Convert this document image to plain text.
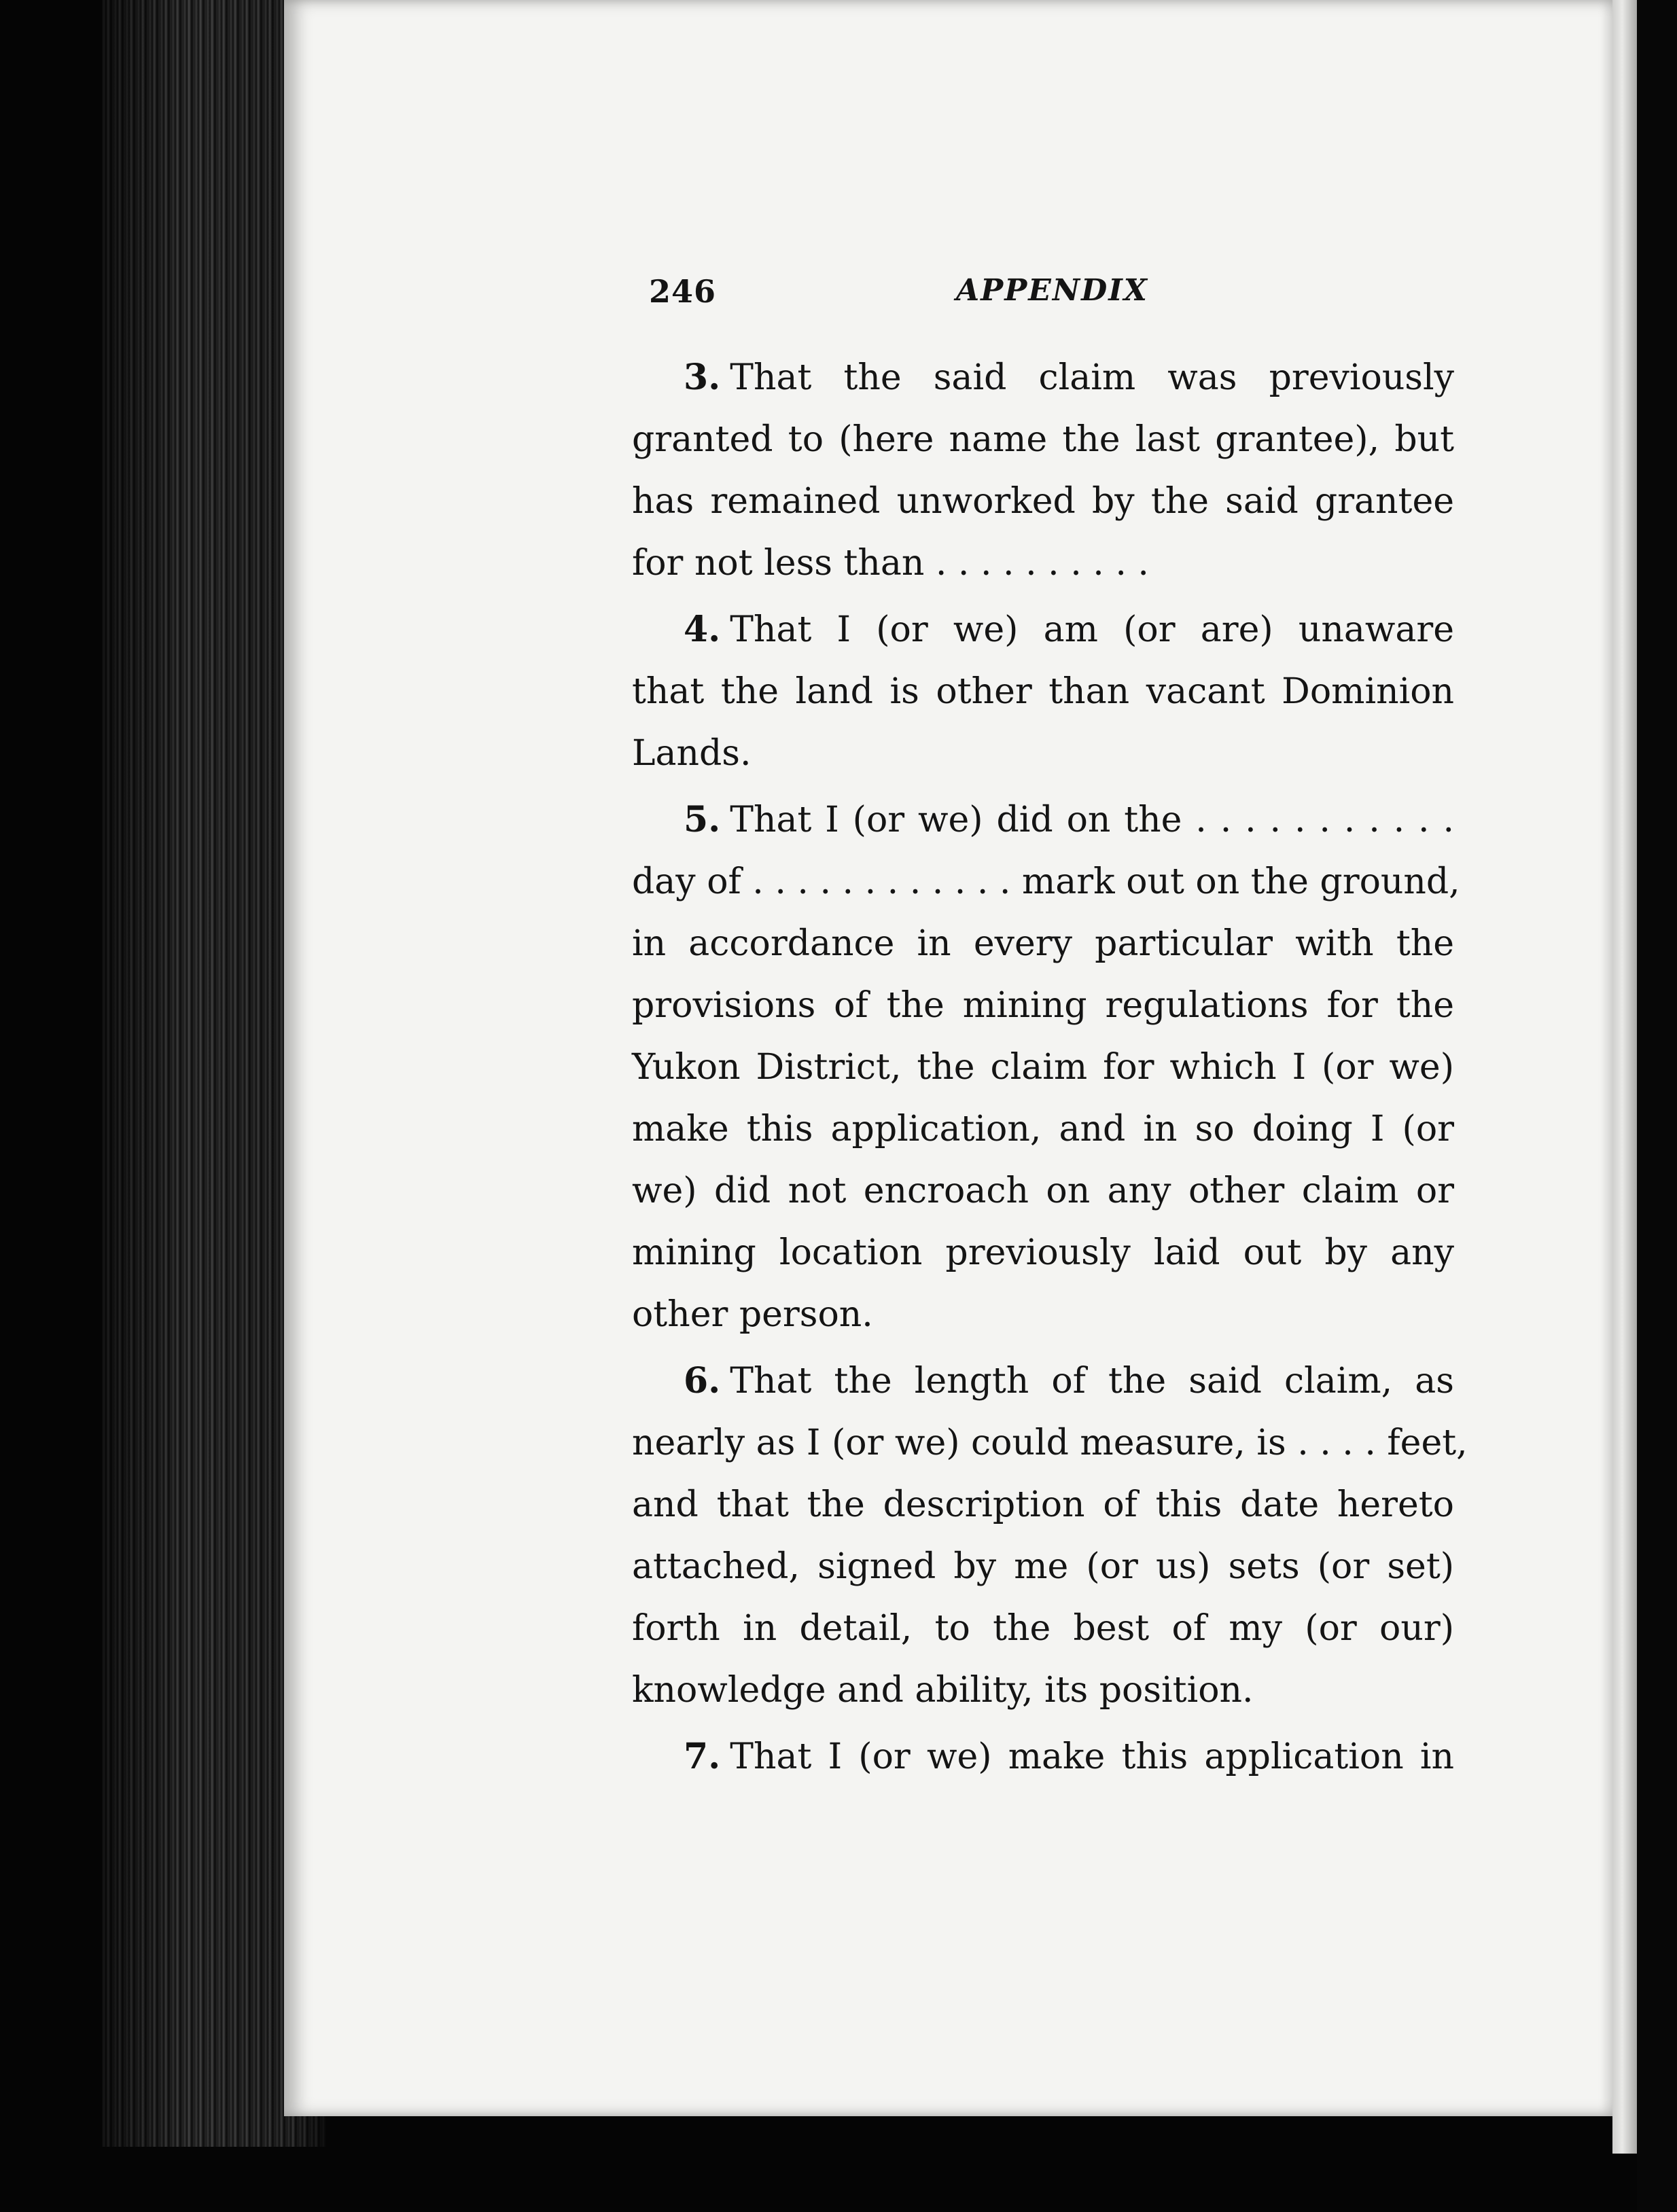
246	APPENDIX
3. That the said claim was previously
granted to (here name the last grantee), but
has remained unworked by the said grantee
for not less than . . . . . . . . . .
4. That I (or we) am (or are) unaware
that the land is other than vacant Dominion
Lands.
5. That I (or we) did on the . . . . . . . . . . .
day of . . . . . . . . . . . . mark out on the ground,
in accordance in every particular with the
provisions of the mining regulations for the
Yukon District, the claim for which I (or we)
make this application, and in so doing I (or
we) did not encroach on any other claim or
mining location previously laid out by any
other person.
6. That the length of the said claim, as
nearly as I (or we) could measure, is . . . . feet,
and that the description of this date hereto
attached, signed by me (or us) sets (or set)
forth in detail, to the best of my (or our)
knowledge and ability, its position.
7. That I (or we) make this application in
